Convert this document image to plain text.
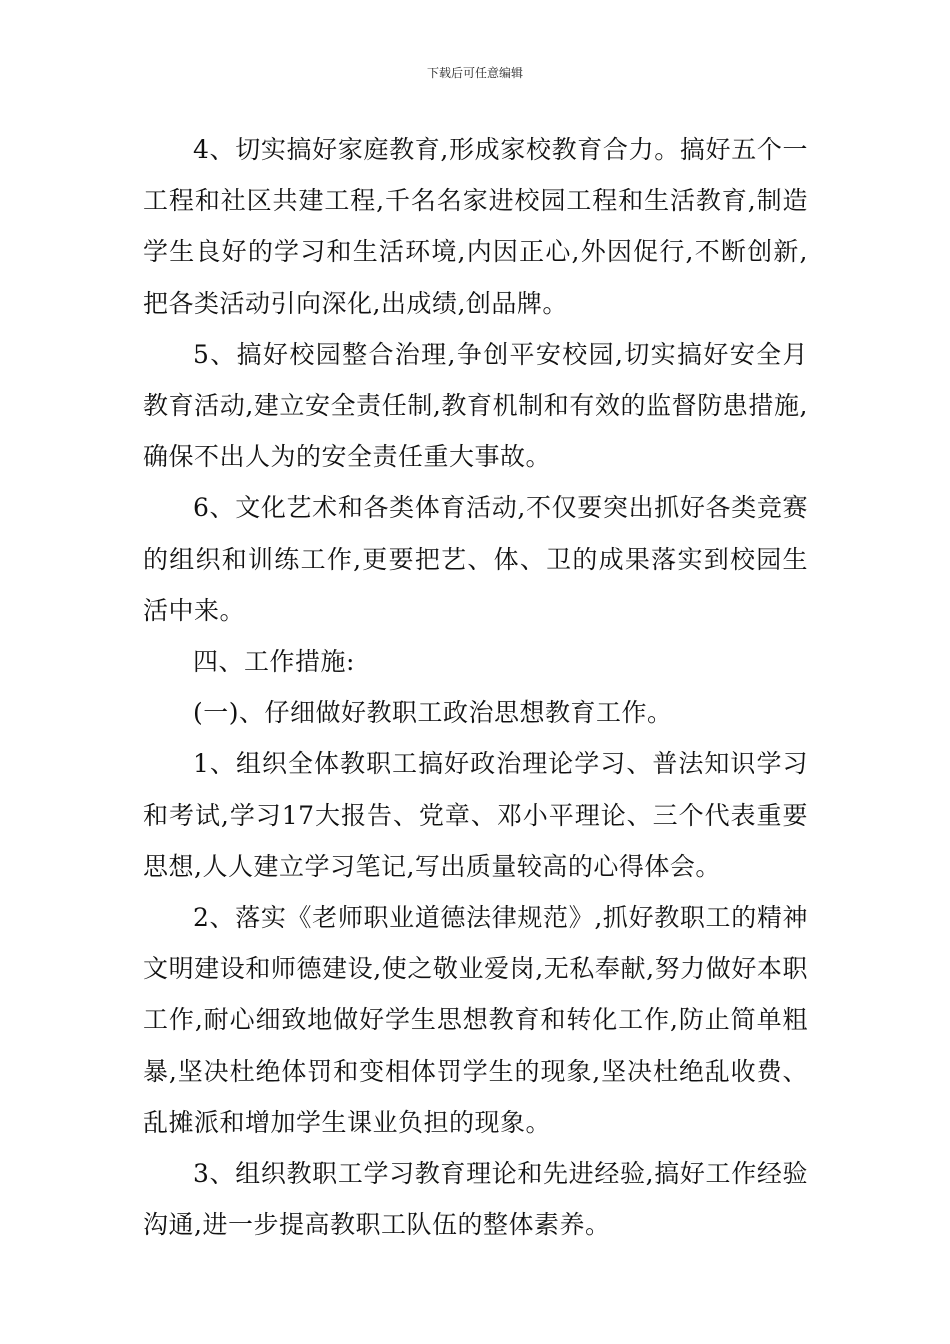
下载后可任意编辑

4、切实搞好家庭教育,形成家校教育合力。搞好五个一工程和社区共建工程,千名名家进校园工程和生活教育,制造学生良好的学习和生活环境,内因正心,外因促行,不断创新,把各类活动引向深化,出成绩,创品牌。

5、搞好校园整合治理,争创平安校园,切实搞好安全月教育活动,建立安全责任制,教育机制和有效的监督防患措施,确保不出人为的安全责任重大事故。

6、文化艺术和各类体育活动,不仅要突出抓好各类竞赛的组织和训练工作,更要把艺、体、卫的成果落实到校园生活中来。

四、工作措施:

(一)、仔细做好教职工政治思想教育工作。

1、组织全体教职工搞好政治理论学习、普法知识学习和考试,学习17大报告、党章、邓小平理论、三个代表重要思想,人人建立学习笔记,写出质量较高的心得体会。

2、落实《老师职业道德法律规范》,抓好教职工的精神文明建设和师德建设,使之敬业爱岗,无私奉献,努力做好本职工作,耐心细致地做好学生思想教育和转化工作,防止简单粗暴,坚决杜绝体罚和变相体罚学生的现象,坚决杜绝乱收费、乱摊派和增加学生课业负担的现象。

3、组织教职工学习教育理论和先进经验,搞好工作经验沟通,进一步提高教职工队伍的整体素养。
